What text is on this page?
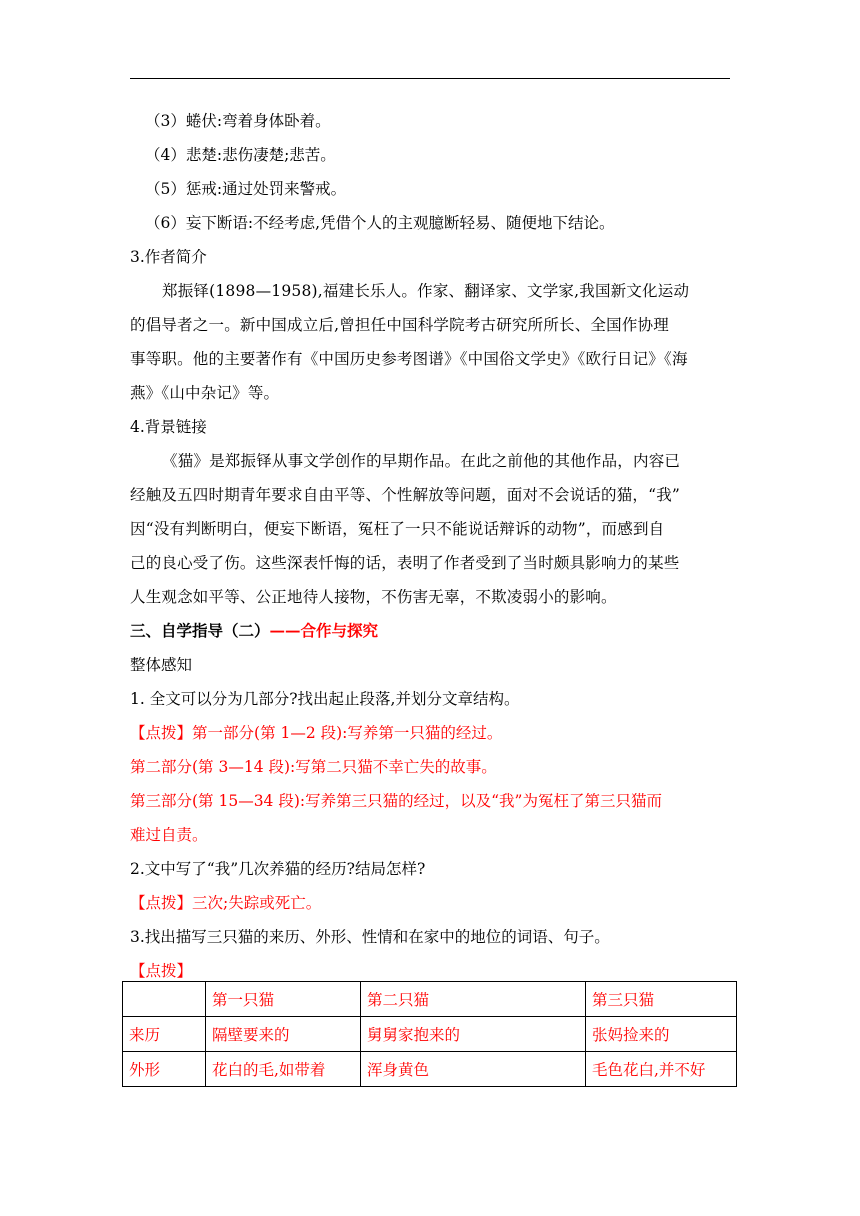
（3）蜷伏:弯着身体卧着。
（4）悲楚:悲伤凄楚;悲苦。
（5）惩戒:通过处罚来警戒。
（6）妄下断语:不经考虑,凭借个人的主观臆断轻易、随便地下结论。
3.作者简介
郑振铎(1898—1958),福建长乐人。作家、翻译家、文学家,我国新文化运动
的倡导者之一。新中国成立后,曾担任中国科学院考古研究所所长、全国作协理
事等职。他的主要著作有《中国历史参考图谱》《中国俗文学史》《欧行日记》《海
燕》《山中杂记》等。
4.背景链接
《猫》是郑振铎从事文学创作的早期作品。在此之前他的其他作品，内容已
经触及五四时期青年要求自由平等、个性解放等问题，面对不会说话的猫，“我”
因“没有判断明白，便妄下断语，冤枉了一只不能说话辩诉的动物”，而感到自
己的良心受了伤。这些深表忏悔的话，表明了作者受到了当时颇具影响力的某些
人生观念如平等、公正地待人接物，不伤害无辜，不欺凌弱小的影响。
三、自学指导（二）——合作与探究
整体感知
1. 全文可以分为几部分?找出起止段落,并划分文章结构。
【点拨】第一部分(第 1—2 段):写养第一只猫的经过。
第二部分(第 3—14 段):写第二只猫不幸亡失的故事。
第三部分(第 15—34 段):写养第三只猫的经过，以及“我”为冤枉了第三只猫而
难过自责。
2.文中写了“我”几次养猫的经历?结局怎样?
【点拨】三次;失踪或死亡。
3.找出描写三只猫的来历、外形、性情和在家中的地位的词语、句子。
【点拨】
	第一只猫	第二只猫	第三只猫
来历	隔壁要来的	舅舅家抱来的	张妈捡来的
外形	花白的毛,如带着	浑身黄色	毛色花白,并不好
